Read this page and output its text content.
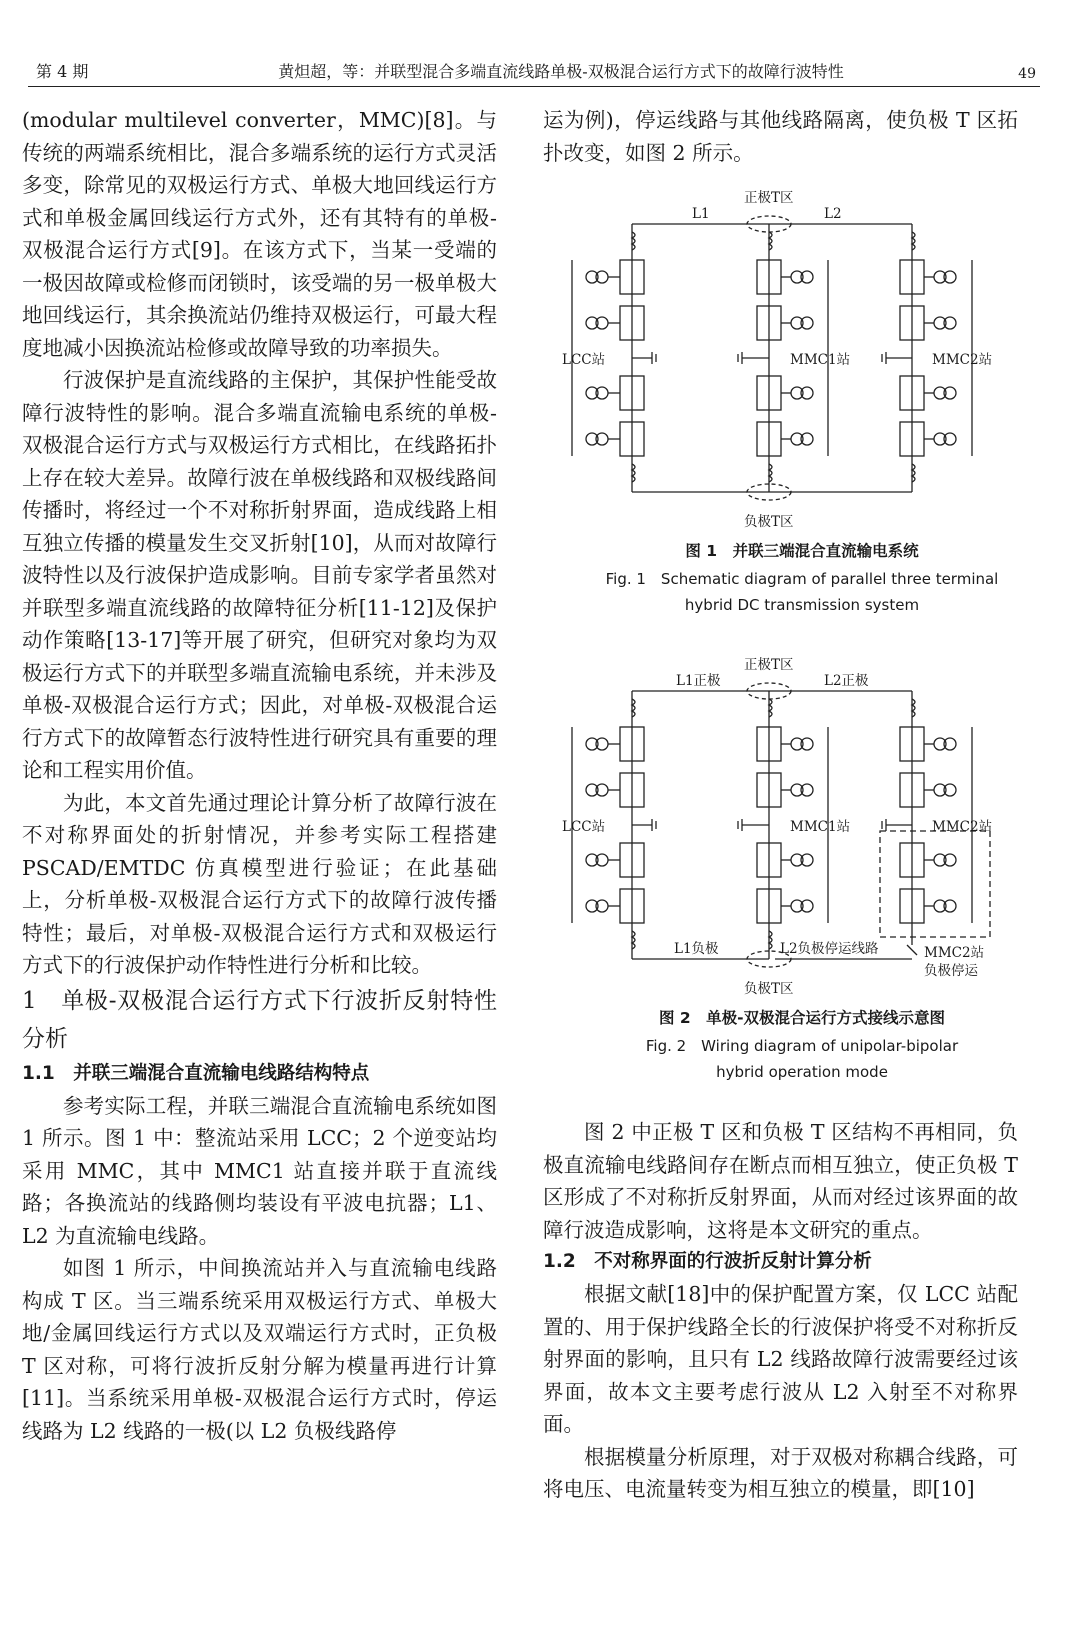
第 4 期	黄炟超，等：并联型混合多端直流线路单极-双极混合运行方式下的故障行波特性	49

(modular multilevel converter，MMC)[8]。与传统的两端系统相比，混合多端系统的运行方式灵活多变，除常见的双极运行方式、单极大地回线运行方式和单极金属回线运行方式外，还有其特有的单极-双极混合运行方式[9]。在该方式下，当某一受端的一极因故障或检修而闭锁时，该受端的另一极单极大地回线运行，其余换流站仍维持双极运行，可最大程度地减小因换流站检修或故障导致的功率损失。

行波保护是直流线路的主保护，其保护性能受故障行波特性的影响。混合多端直流输电系统的单极-双极混合运行方式与双极运行方式相比，在线路拓扑上存在较大差异。故障行波在单极线路和双极线路间传播时，将经过一个不对称折射界面，造成线路上相互独立传播的模量发生交叉折射[10]，从而对故障行波特性以及行波保护造成影响。目前专家学者虽然对并联型多端直流线路的故障特征分析[11-12]及保护动作策略[13-17]等开展了研究，但研究对象均为双极运行方式下的并联型多端直流输电系统，并未涉及单极-双极混合运行方式；因此，对单极-双极混合运行方式下的故障暂态行波特性进行研究具有重要的理论和工程实用价值。

为此，本文首先通过理论计算分析了故障行波在不对称界面处的折射情况，并参考实际工程搭建 PSCAD/EMTDC 仿真模型进行验证；在此基础上，分析单极-双极混合运行方式下的故障行波传播特性；最后，对单极-双极混合运行方式和双极运行方式下的行波保护动作特性进行分析和比较。

1　单极-双极混合运行方式下行波折反射特性分析

1.1　并联三端混合直流输电线路结构特点

参考实际工程，并联三端混合直流输电系统如图 1 所示。图 1 中：整流站采用 LCC；2 个逆变站均采用 MMC，其中 MMC1 站直接并联于直流线路；各换流站的线路侧均装设有平波电抗器；L1、L2 为直流输电线路。

如图 1 所示，中间换流站并入与直流输电线路构成 T 区。当三端系统采用双极运行方式、单极大地/金属回线运行方式以及双端运行方式时，正负极 T 区对称，可将行波折反射分解为模量再进行计算[11]。当系统采用单极-双极混合运行方式时，停运线路为 L2 线路的一极(以 L2 负极线路停

运为例)，停运线路与其他线路隔离，使负极 T 区拓扑改变，如图 2 所示。

L1
正极T区
L2
LCC站	MMC1站	MMC2站
负极T区
图 1　并联三端混合直流输电系统
Fig. 1　Schematic diagram of parallel three terminal
hybrid DC transmission system
L1正极
正极T区
L2正极
LCC站	MMC1站	MMC2站
L1负极	L2负极停运线路	MMC2站
负极停运
负极T区
图 2　单极-双极混合运行方式接线示意图
Fig. 2　Wiring diagram of unipolar-bipolar
hybrid operation mode

图 2 中正极 T 区和负极 T 区结构不再相同，负极直流输电线路间存在断点而相互独立，使正负极 T 区形成了不对称折反射界面，从而对经过该界面的故障行波造成影响，这将是本文研究的重点。

1.2　不对称界面的行波折反射计算分析

根据文献[18]中的保护配置方案，仅 LCC 站配置的、用于保护线路全长的行波保护将受不对称折反射界面的影响，且只有 L2 线路故障行波需要经过该界面，故本文主要考虑行波从 L2 入射至不对称界面。

根据模量分析原理，对于双极对称耦合线路，可将电压、电流量转变为相互独立的模量，即[10]
